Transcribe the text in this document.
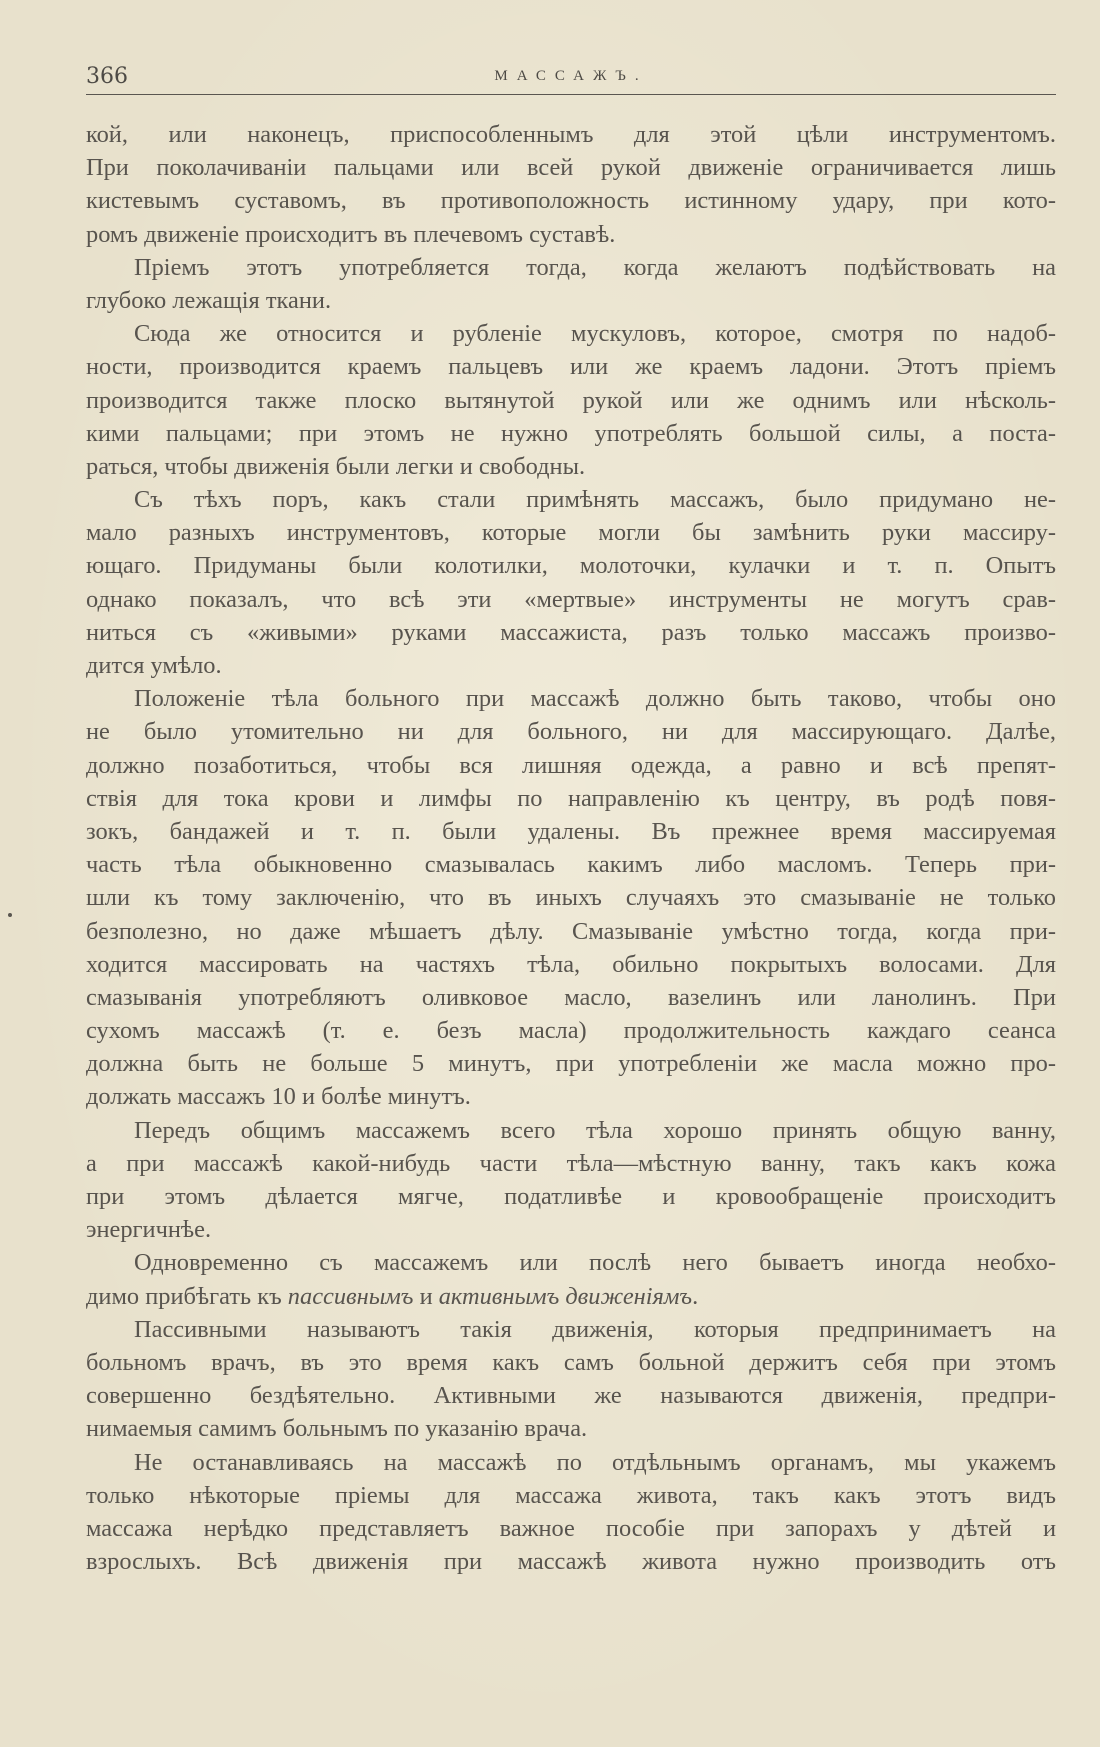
366	МАССАЖЪ.
кой, или наконецъ, приспособленнымъ для этой цѣли инструментомъ.
При поколачиваніи пальцами или всей рукой движеніе ограничивается лишь
кистевымъ суставомъ, въ противоположность истинному удару, при кото-
ромъ движеніе происходитъ въ плечевомъ суставѣ.
Пріемъ этотъ употребляется тогда, когда желаютъ подѣйствовать на
глубоко лежащія ткани.
Сюда же относится и рубленіе мускуловъ, которое, смотря по надоб-
ности, производится краемъ пальцевъ или же краемъ ладони. Этотъ пріемъ
производится также плоско вытянутой рукой или же однимъ или нѣсколь-
кими пальцами; при этомъ не нужно употреблять большой силы, а поста-
раться, чтобы движенія были легки и свободны.
Съ тѣхъ поръ, какъ стали примѣнять массажъ, было придумано не-
мало разныхъ инструментовъ, которые могли бы замѣнить руки массиру-
ющаго. Придуманы были колотилки, молоточки, кулачки и т. п. Опытъ
однако показалъ, что всѣ эти «мертвые» инструменты не могутъ срав-
ниться съ «живыми» руками массажиста, разъ только массажъ произво-
дится умѣло.
Положеніе тѣла больного при массажѣ должно быть таково, чтобы оно
не было утомительно ни для больного, ни для массирующаго. Далѣе,
должно позаботиться, чтобы вся лишняя одежда, а равно и всѣ препят-
ствія для тока крови и лимфы по направленію къ центру, въ родѣ повя-
зокъ, бандажей и т. п. были удалены. Въ прежнее время массируемая
часть тѣла обыкновенно смазывалась какимъ либо масломъ. Теперь при-
шли къ тому заключенію, что въ иныхъ случаяхъ это смазываніе не только
безполезно, но даже мѣшаетъ дѣлу. Смазываніе умѣстно тогда, когда при-
ходится массировать на частяхъ тѣла, обильно покрытыхъ волосами. Для
смазыванія употребляютъ оливковое масло, вазелинъ или ланолинъ. При
сухомъ массажѣ (т. е. безъ масла) продолжительность каждаго сеанса
должна быть не больше 5 минутъ, при употребленіи же масла можно про-
должать массажъ 10 и болѣе минутъ.
Передъ общимъ массажемъ всего тѣла хорошо принять общую ванну,
а при массажѣ какой-нибудь части тѣла—мѣстную ванну, такъ какъ кожа
при этомъ дѣлается мягче, податливѣе и кровообращеніе происходитъ
энергичнѣе.
Одновременно съ массажемъ или послѣ него бываетъ иногда необхо-
димо прибѣгать къ пассивнымъ и активнымъ движеніямъ.
Пассивными называютъ такія движенія, которыя предпринимаетъ на
больномъ врачъ, въ это время какъ самъ больной держитъ себя при этомъ
совершенно бездѣятельно. Активными же называются движенія, предпри-
нимаемыя самимъ больнымъ по указанію врача.
Не останавливаясь на массажѣ по отдѣльнымъ органамъ, мы укажемъ
только нѣкоторые пріемы для массажа живота, такъ какъ этотъ видъ
массажа нерѣдко представляетъ важное пособіе при запорахъ у дѣтей и
взрослыхъ. Всѣ движенія при массажѣ живота нужно производить отъ
